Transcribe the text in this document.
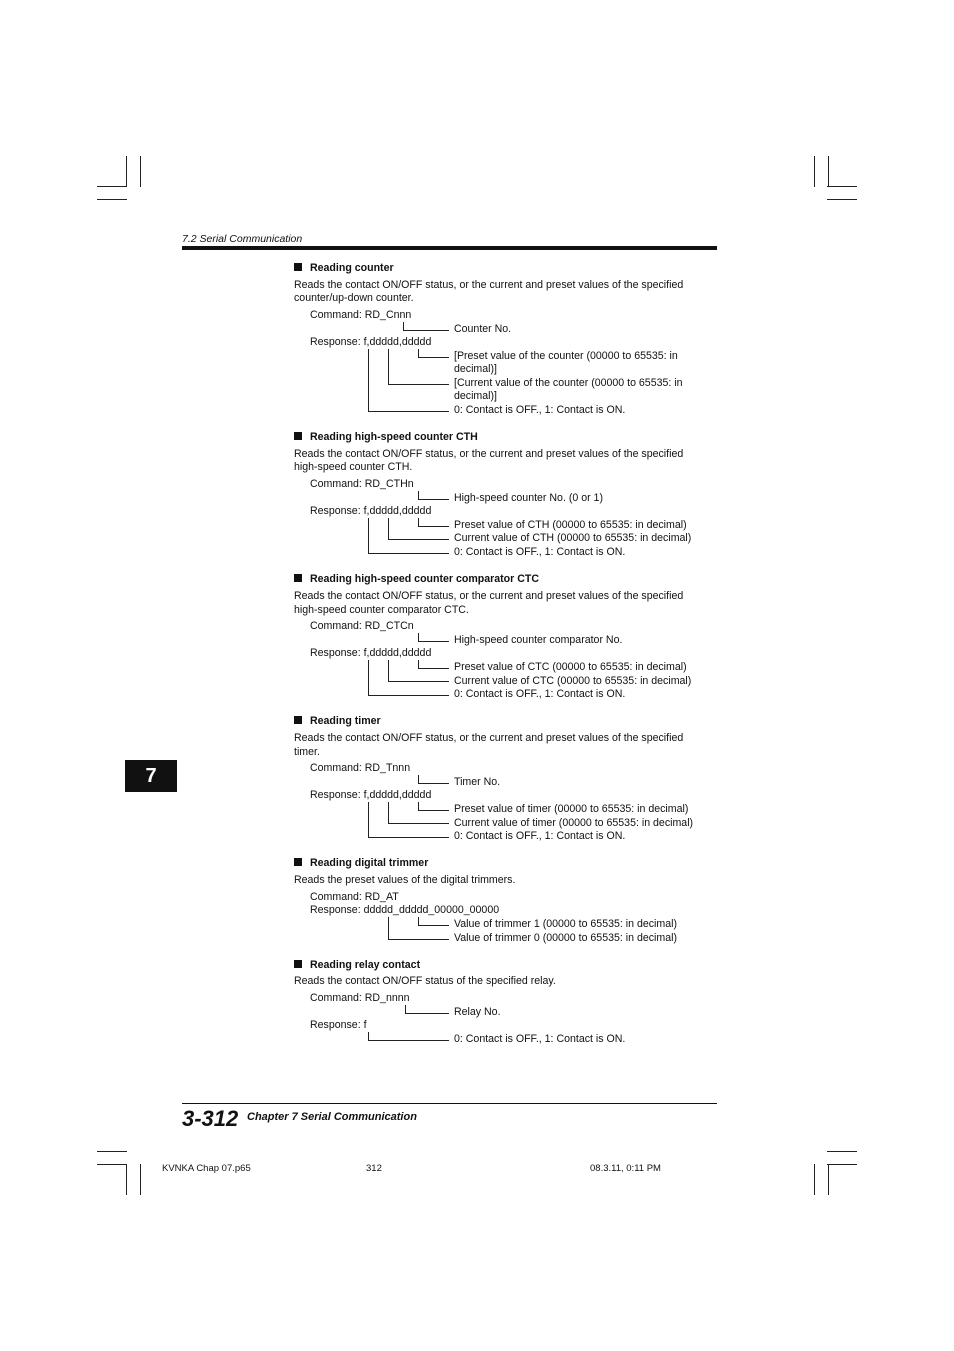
7.2 Serial Communication
7
Reading counter
Reads the contact ON/OFF status, or the current and preset values of the specified
counter/up-down counter.
Command: RD_Cnnn
Counter No.
Response: f,ddddd,ddddd
[Preset value of the counter (00000 to 65535: in
decimal)]
[Current value of the counter (00000 to 65535: in
decimal)]
0: Contact is OFF., 1: Contact is ON.
Reading high-speed counter CTH
Reads the contact ON/OFF status, or the current and preset values of the specified
high-speed counter CTH.
Command: RD_CTHn
High-speed counter No. (0 or 1)
Response: f,ddddd,ddddd
Preset value of CTH (00000 to 65535: in decimal)
Current value of CTH (00000 to 65535: in decimal)
0: Contact is OFF., 1: Contact is ON.
Reading high-speed counter comparator CTC
Reads the contact ON/OFF status, or the current and preset values of the specified
high-speed counter comparator CTC.
Command: RD_CTCn
High-speed counter comparator No.
Response: f,ddddd,ddddd
Preset value of CTC (00000 to 65535: in decimal)
Current value of CTC (00000 to 65535: in decimal)
0: Contact is OFF., 1: Contact is ON.
Reading timer
Reads the contact ON/OFF status, or the current and preset values of the specified
timer.
Command: RD_Tnnn
Timer No.
Response: f,ddddd,ddddd
Preset value of timer (00000 to 65535: in decimal)
Current value of timer (00000 to 65535: in decimal)
0: Contact is OFF., 1: Contact is ON.
Reading digital trimmer
Reads the preset values of the digital trimmers.
Command: RD_AT
Response: ddddd_ddddd_00000_00000
Value of trimmer 1 (00000 to 65535: in decimal)
Value of trimmer 0 (00000 to 65535: in decimal)
Reading relay contact
Reads the contact ON/OFF status of the specified relay.
Command: RD_nnnn
Relay No.
Response: f
0: Contact is OFF., 1: Contact is ON.
3-312 Chapter 7 Serial Communication
KVNKA Chap 07.p65	312	08.3.11, 0:11 PM
